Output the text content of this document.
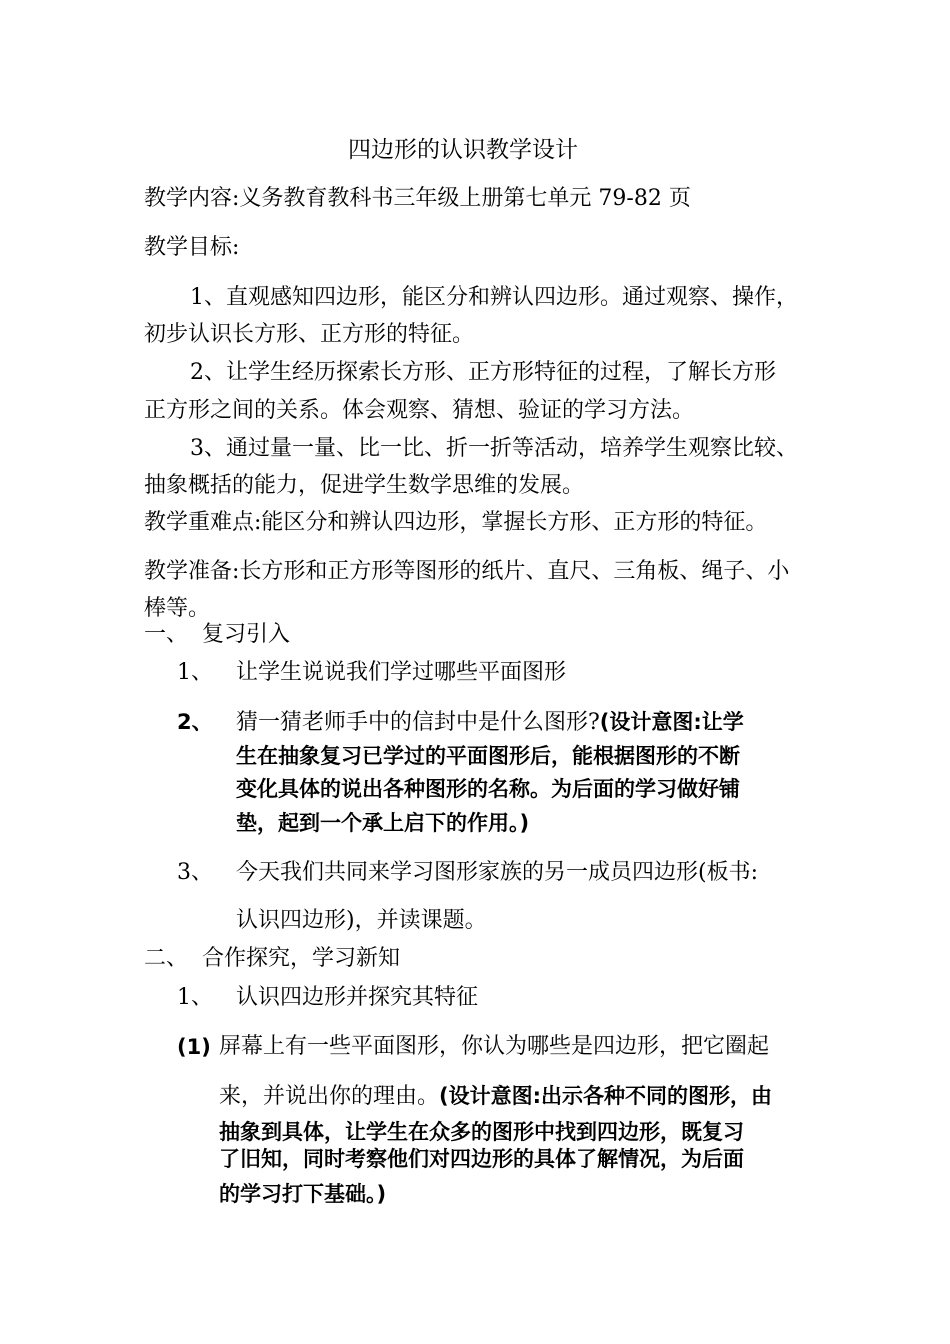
四边形的认识教学设计
教学内容:义务教育教科书三年级上册第七单元 79-82 页
教学目标:
1、直观感知四边形，能区分和辨认四边形。通过观察、操作，
初步认识长方形、正方形的特征。
2、让学生经历探索长方形、正方形特征的过程，了解长方形
正方形之间的关系。体会观察、猜想、验证的学习方法。
3、通过量一量、比一比、折一折等活动，培养学生观察比较、
抽象概括的能力，促进学生数学思维的发展。
教学重难点:能区分和辨认四边形，掌握长方形、正方形的特征。
教学准备:长方形和正方形等图形的纸片、直尺、三角板、绳子、小
棒等。
一、 复习引入
1、 让学生说说我们学过哪些平面图形
2、 猜一猜老师手中的信封中是什么图形?(设计意图:让学
生在抽象复习已学过的平面图形后，能根据图形的不断
变化具体的说出各种图形的名称。为后面的学习做好铺
垫，起到一个承上启下的作用。)
3、 今天我们共同来学习图形家族的另一成员四边形(板书:
认识四边形)，并读课题。
二、 合作探究，学习新知
1、 认识四边形并探究其特征
(1) 屏幕上有一些平面图形，你认为哪些是四边形，把它圈起
来，并说出你的理由。(设计意图:出示各种不同的图形，由
抽象到具体，让学生在众多的图形中找到四边形，既复习
了旧知，同时考察他们对四边形的具体了解情况，为后面
的学习打下基础。)
